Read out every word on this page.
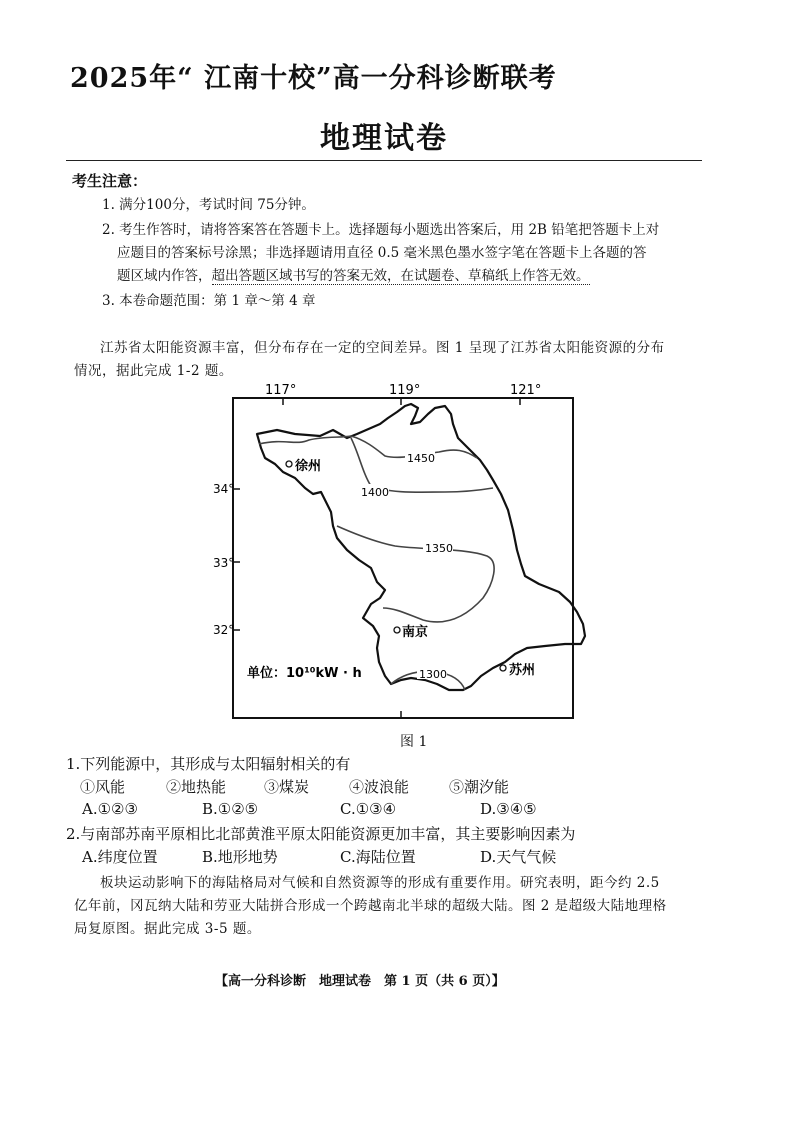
2025年“ 江南十校”高一分科诊断联考
地理试卷
考生注意：
1. 满分100分，考试时间 75分钟。
2. 考生作答时，请将答案答在答题卡上。选择题每小题选出答案后，用 2B 铅笔把答题卡上对
应题目的答案标号涂黑；非选择题请用直径 0.5 毫米黑色墨水签字笔在答题卡上各题的答
题区域内作答，超出答题区域书写的答案无效，在试题卷、草稿纸上作答无效。
3. 本卷命题范围：第 1 章～第 4 章
江苏省太阳能资源丰富，但分布存在一定的空间差异。图 1 呈现了江苏省太阳能资源的分布
情况，据此完成 1-2 题。
117°	119°	121°
34°
33°
32°
1450
1400
1350
1300
徐州
南京
苏州
单位：10¹⁰kW · h
图 1
1.下列能源中，其形成与太阳辐射相关的有
①风能	②地热能	③煤炭	④波浪能	⑤潮汐能
A.①②③	B.①②⑤	C.①③④	D.③④⑤
2.与南部苏南平原相比北部黄淮平原太阳能资源更加丰富，其主要影响因素为
A.纬度位置	B.地形地势	C.海陆位置	D.天气气候
板块运动影响下的海陆格局对气候和自然资源等的形成有重要作用。研究表明，距今约 2.5
亿年前，冈瓦纳大陆和劳亚大陆拼合形成一个跨越南北半球的超级大陆。图 2 是超级大陆地理格
局复原图。据此完成 3-5 题。
【高一分科诊断　地理试卷　第 1 页（共 6 页）】
